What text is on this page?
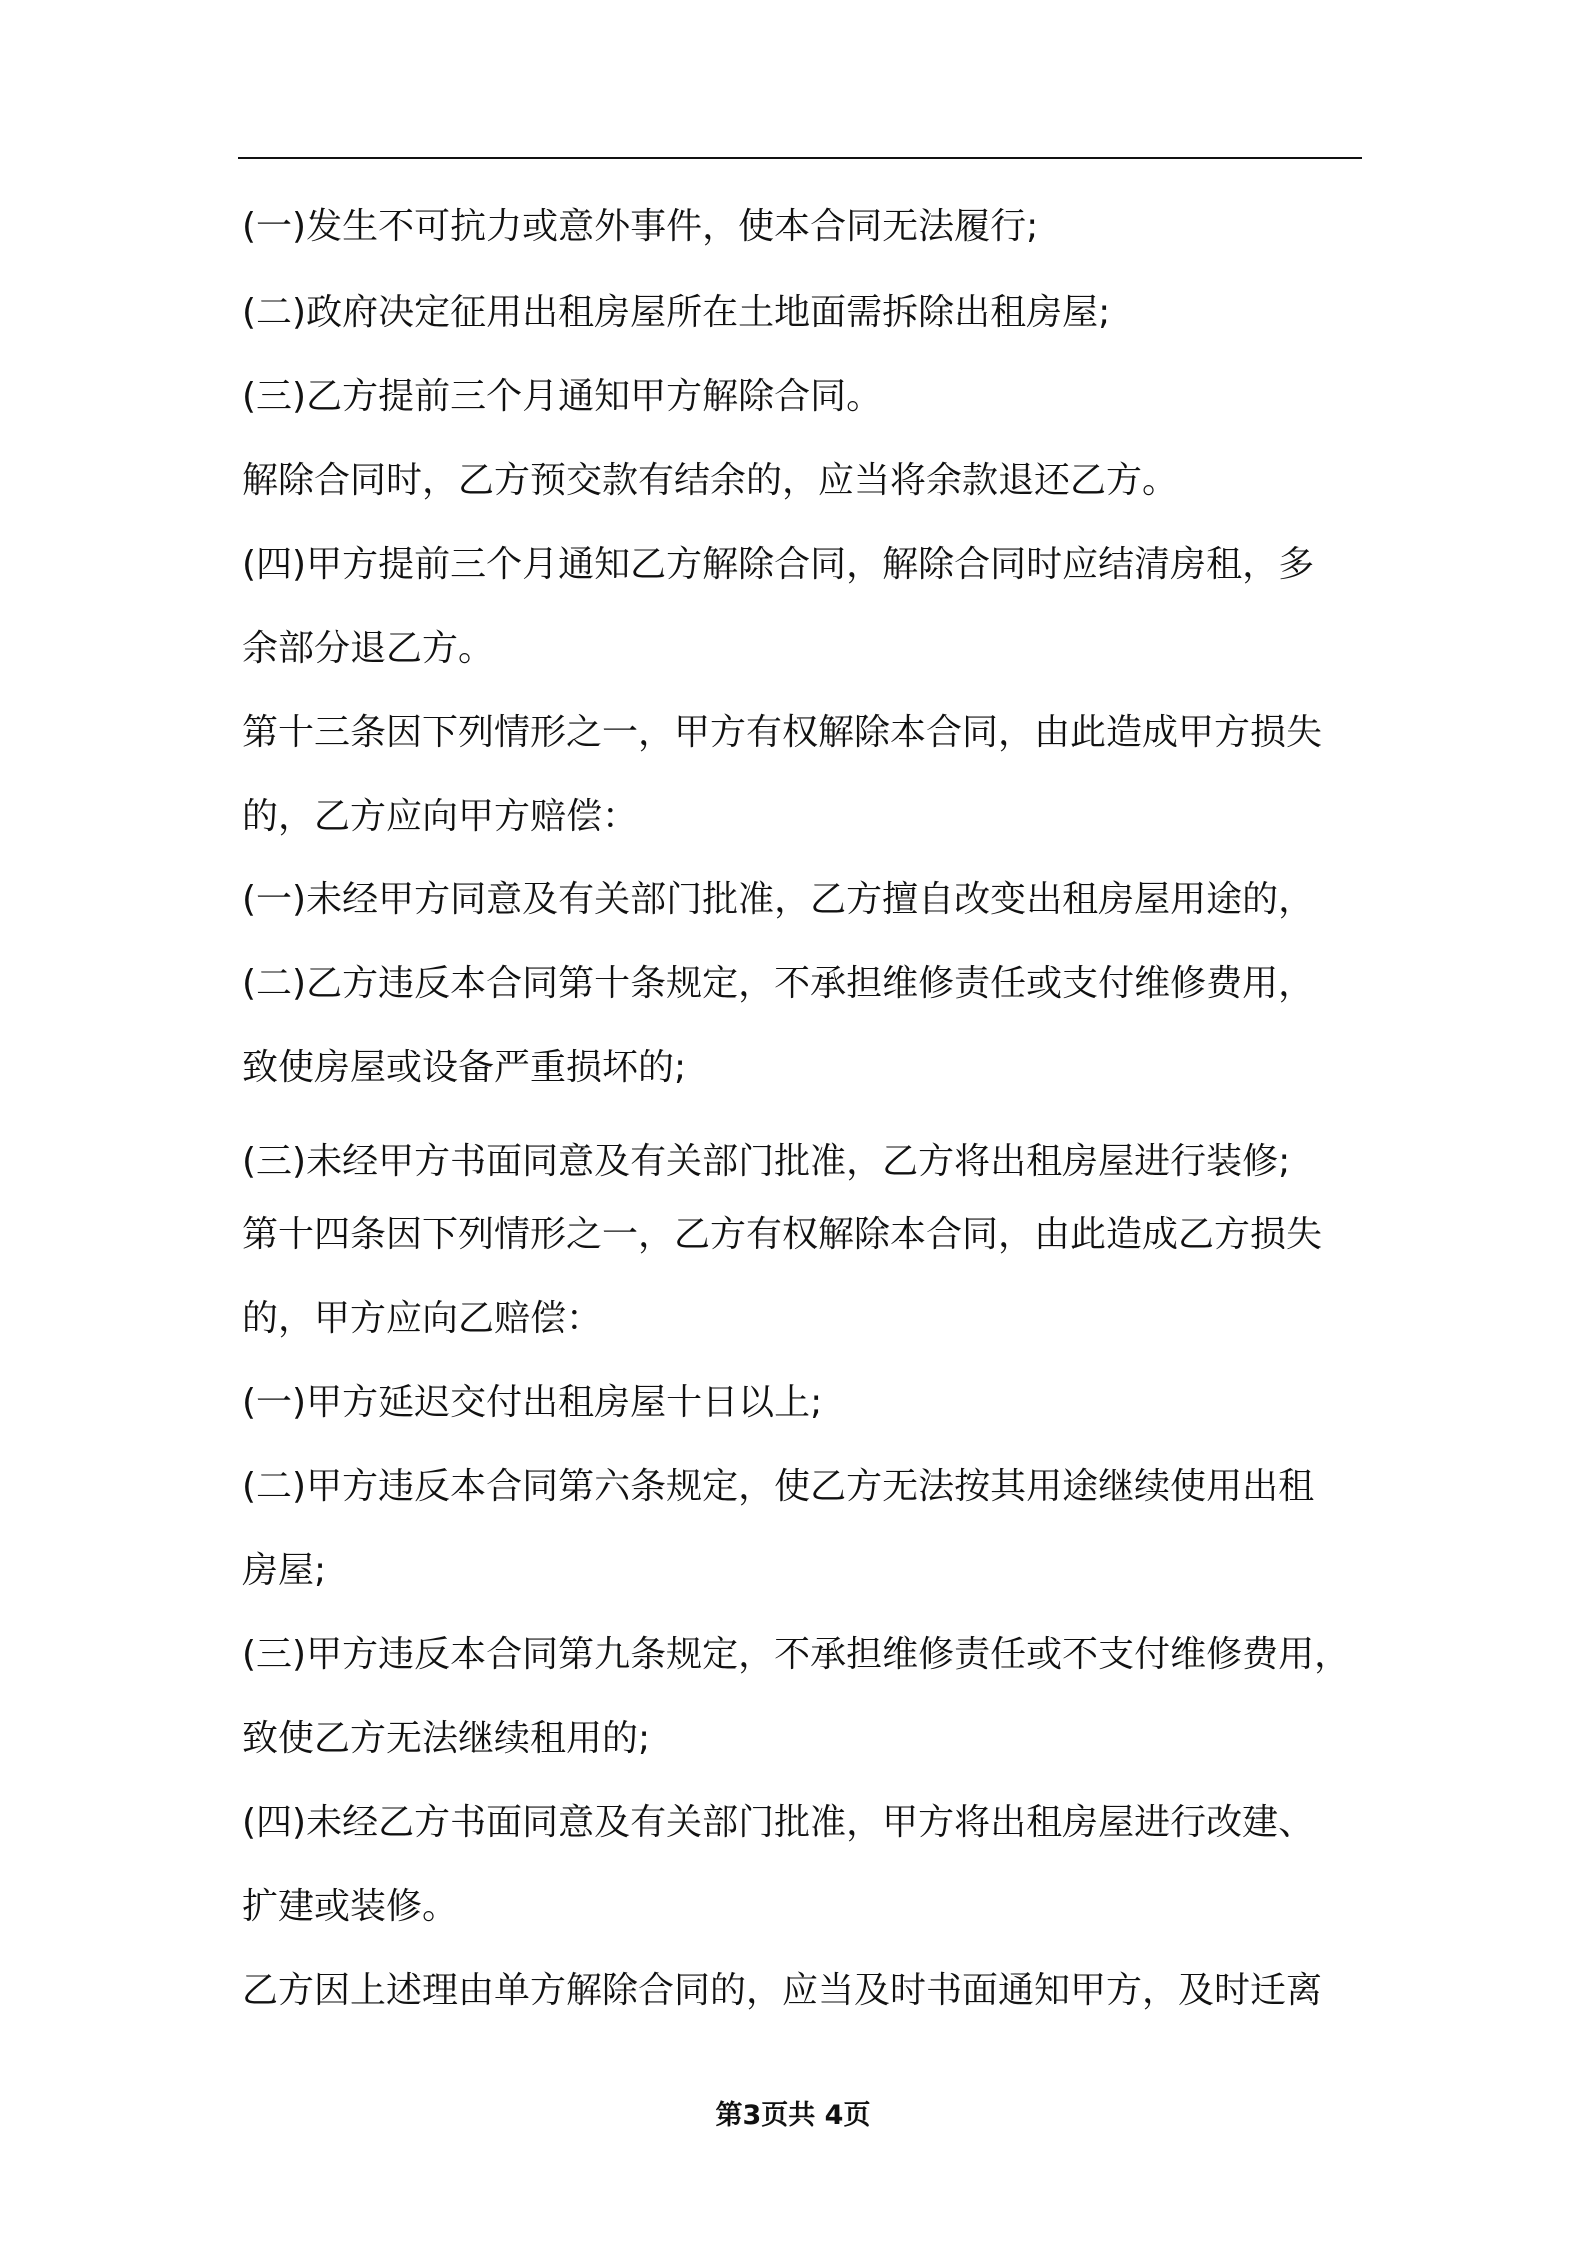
(一)发生不可抗力或意外事件，使本合同无法履行;
(二)政府决定征用出租房屋所在土地面需拆除出租房屋;
(三)乙方提前三个月通知甲方解除合同。
解除合同时，乙方预交款有结余的，应当将余款退还乙方。
(四)甲方提前三个月通知乙方解除合同，解除合同时应结清房租，多
余部分退乙方。
第十三条因下列情形之一，甲方有权解除本合同，由此造成甲方损失
的，乙方应向甲方赔偿：
(一)未经甲方同意及有关部门批准，乙方擅自改变出租房屋用途的，
(二)乙方违反本合同第十条规定，不承担维修责任或支付维修费用，
致使房屋或设备严重损坏的;
(三)未经甲方书面同意及有关部门批准，乙方将出租房屋进行装修;
第十四条因下列情形之一，乙方有权解除本合同，由此造成乙方损失
的，甲方应向乙赔偿：
(一)甲方延迟交付出租房屋十日以上;
(二)甲方违反本合同第六条规定，使乙方无法按其用途继续使用出租
房屋;
(三)甲方违反本合同第九条规定，不承担维修责任或不支付维修费用，
致使乙方无法继续租用的;
(四)未经乙方书面同意及有关部门批准，甲方将出租房屋进行改建、
扩建或装修。
乙方因上述理由单方解除合同的，应当及时书面通知甲方，及时迁离
第3页共 4页
